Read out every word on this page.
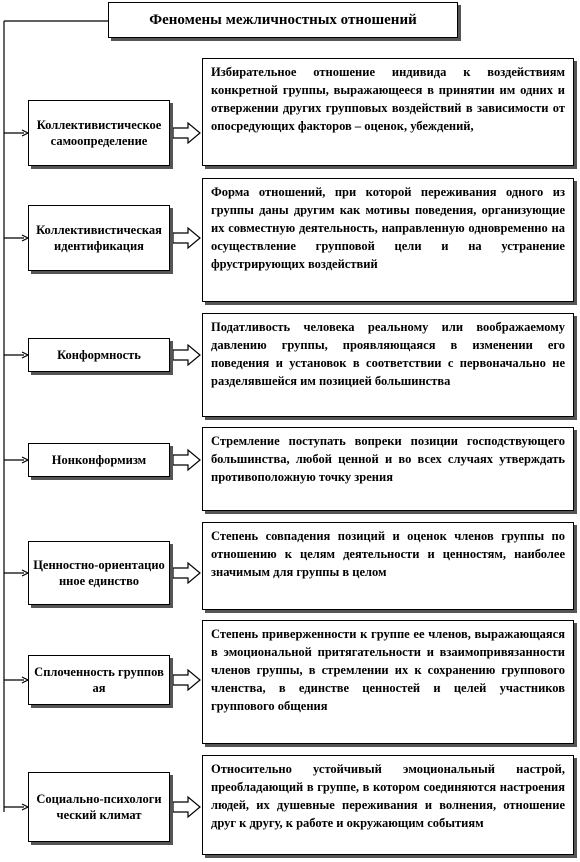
Феномены межличностных отношений
Коллективистическое самоопределение
Избирательное отношение индивида к воздействиям конкретной группы, выражающееся в принятии им одних и отвержении других групповых воздействий в зависимости от опосредующих факторов – оценок, убеждений,
Коллективистическая идентификация
Форма отношений, при которой переживания одного из группы даны другим как мотивы поведения, организующие их совместную деятельность, направленную одновременно на осуществление групповой цели и на устранение фрустрирующих воздействий
Конформность
Податливость человека реальному или воображаемому давлению группы, проявляющаяся в изменении его поведения и установок в соответствии с первоначально не разделявшейся им позицией большинства
Нонконформизм
Стремление поступать вопреки позиции господствующего большинства, любой ценной и во всех случаях утверждать противоположную точку зрения
Ценностно-ориентационное единство
Степень совпадения позиций и оценок членов группы по отношению к целям деятельности и ценностям, наиболее значимым для группы в целом
Сплоченность групповая
Степень приверженности к группе ее членов, выражающаяся в эмоциональной притягательности и взаимопривязанности членов группы, в стремлении их к сохранению группового членства, в единстве ценностей и целей участников группового общения
Социально-психологический климат
Относительно устойчивый эмоциональный настрой, преобладающий в группе, в котором соединяются настроения людей, их душевные переживания и волнения, отношение друг к другу, к работе и окружающим событиям
